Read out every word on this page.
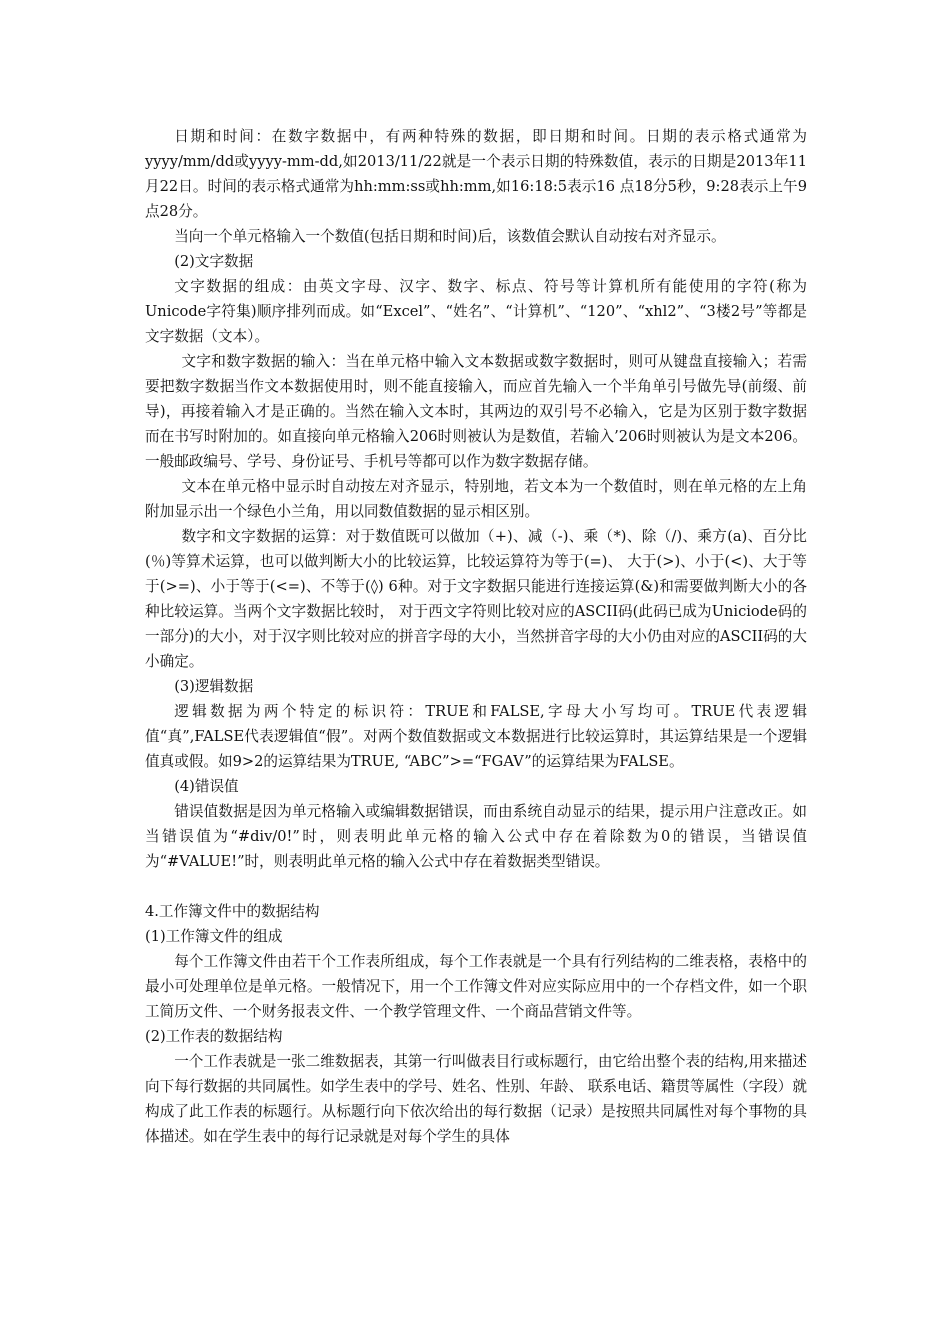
日期和时间：在数字数据中，有两种特殊的数据，即日期和时间。日期的表示格式通常为yyyy/mm/dd或yyyy-mm-dd,如2013/11/22就是一个表示日期的特殊数值，表示的日期是2013年11月22日。时间的表示格式通常为hh:mm:ss或hh:mm,如16:18:5表示16 点18分5秒，9:28表示上午9点28分。

当向一个单元格输入一个数值(包括日期和时间)后，该数值会默认自动按右对齐显示。

(2)文字数据

文字数据的组成：由英文字母、汉字、数字、标点、符号等计算机所有能使用的字符(称为Unicode字符集)顺序排列而成。如“Excel”、“姓名”、“计算机”、“120”、“xhl2”、“3楼2号”等都是文字数据（文本）。

文字和数字数据的输入：当在单元格中输入文本数据或数字数据时，则可从键盘直接输入；若需要把数字数据当作文本数据使用时，则不能直接输入，而应首先输入一个半角单引号做先导(前缀、前导)，再接着输入才是正确的。当然在输入文本时，其两边的双引号不必输入，它是为区别于数字数据而在书写时附加的。如直接向单元格输入206时则被认为是数值，若输入’206时则被认为是文本206。一般邮政编号、学号、身份证号、手机号等都可以作为数字数据存储。

文本在单元格中显示时自动按左对齐显示，特别地，若文本为一个数值时，则在单元格的左上角附加显示出一个绿色小兰角，用以同数值数据的显示相区别。

数字和文字数据的运算：对于数值既可以做加（+)、减（-)、乘（*)、除（/)、乘方(a)、百分比(％)等算术运算，也可以做判断大小的比较运算，比较运算符为等于(=)、 大于(>)、小于(<)、大于等于(>=)、小于等于(<=)、不等于(◊) 6种。对于文字数据只能进行连接运算(&)和需要做判断大小的各种比较运算。当两个文字数据比较时， 对于西文字符则比较对应的ASCII码(此码已成为Uniciode码的一部分)的大小，对于汉字则比较对应的拼音字母的大小，当然拼音字母的大小仍由对应的ASCII码的大小确定。

(3)逻辑数据

逻辑数据为两个特定的标识符：TRUE和FALSE,字母大小写均可。TRUE代表逻辑 值“真”,FALSE代表逻辑值“假”。对两个数值数据或文本数据进行比较运算时，其运算结果是一个逻辑值真或假。如9>2的运算结果为TRUE, “ABC”>=“FGAV”的运算结果为FALSE。

(4)错误值

错误值数据是因为单元格输入或编辑数据错误，而由系统自动显示的结果，提示用户注意改正。如当错误值为“#div/0!”时，则表明此单元格的输入公式中存在着除数为0的错误，当错误值为“#VALUE!”时，则表明此单元格的输入公式中存在着数据类型错误。

4.工作簿文件中的数据结构

(1)工作簿文件的组成

每个工作簿文件由若干个工作表所组成，每个工作表就是一个具有行列结构的二维表格，表格中的最小可处理单位是单元格。一般情况下，用一个工作簿文件对应实际应用中的一个存档文件，如一个职工简历文件、一个财务报表文件、一个教学管理文件、一个商品营销文件等。

(2)工作表的数据结构

一个工作表就是一张二维数据表，其第一行叫做表目行或标题行，由它给出整个表的结构,用来描述向下每行数据的共同属性。如学生表中的学号、姓名、性别、年龄、 联系电话、籍贯等属性（字段）就构成了此工作表的标题行。从标题行向下依次给出的每行数据（记录）是按照共同属性对每个事物的具体描述。如在学生表中的每行记录就是对每个学生的具体
